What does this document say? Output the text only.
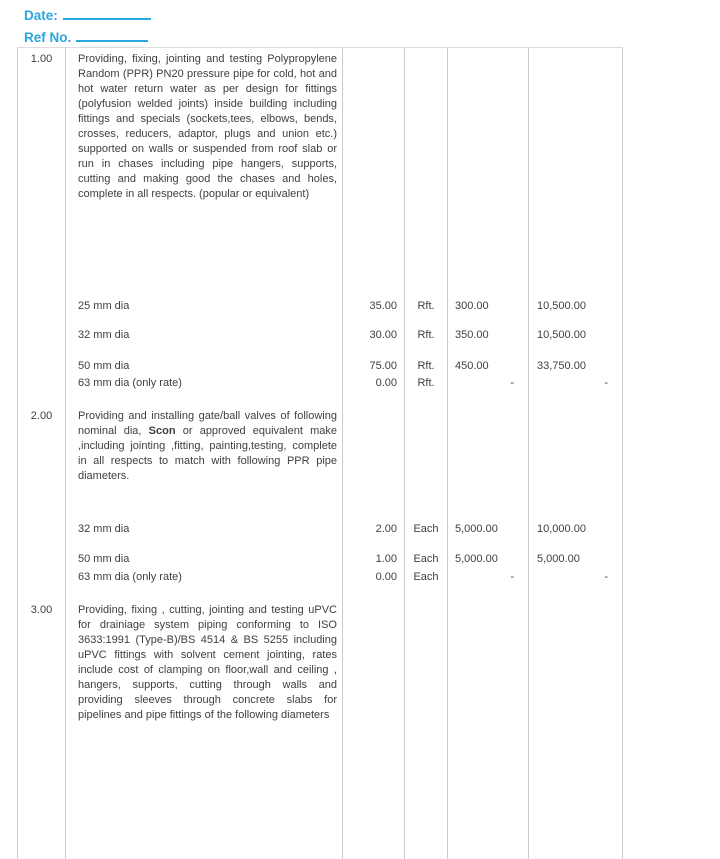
Date:
Ref No.
1.00	Providing, fixing, jointing and testing Polypropylene Random (PPR) PN20 pressure pipe for cold, hot and hot water return water as per design for fittings (polyfusion welded joints) inside building including fittings and specials (sockets,tees, elbows, bends, crosses, reducers, adaptor, plugs and union etc.) supported on walls or suspended from roof slab or run in chases including pipe hangers, supports, cutting and making good the chases and holes, complete in all respects. (popular or equivalent)
25 mm dia	35.00	Rft.	300.00	10,500.00
32 mm dia	30.00	Rft.	350.00	10,500.00
50 mm dia	75.00	Rft.	450.00	33,750.00
63 mm dia (only rate)	0.00	Rft.	-	-
2.00	Providing and installing gate/ball valves of following nominal dia, Scon or approved equivalent make ,including jointing ,fitting, painting,testing, complete in all respects to match with following PPR pipe diameters.
32 mm dia	2.00	Each	5,000.00	10,000.00
50 mm dia	1.00	Each	5,000.00	5,000.00
63 mm dia (only rate)	0.00	Each	-	-
3.00	Providing, fixing , cutting, jointing and testing uPVC for drainiage system piping conforming to ISO 3633:1991 (Type-B)/BS 4514 & BS 5255 including uPVC fittings with solvent cement jointing, rates include cost of clamping on floor,wall and ceiling , hangers, supports, cutting through walls and providing sleeves through concrete slabs for pipelines and pipe fittings of the following diameters
